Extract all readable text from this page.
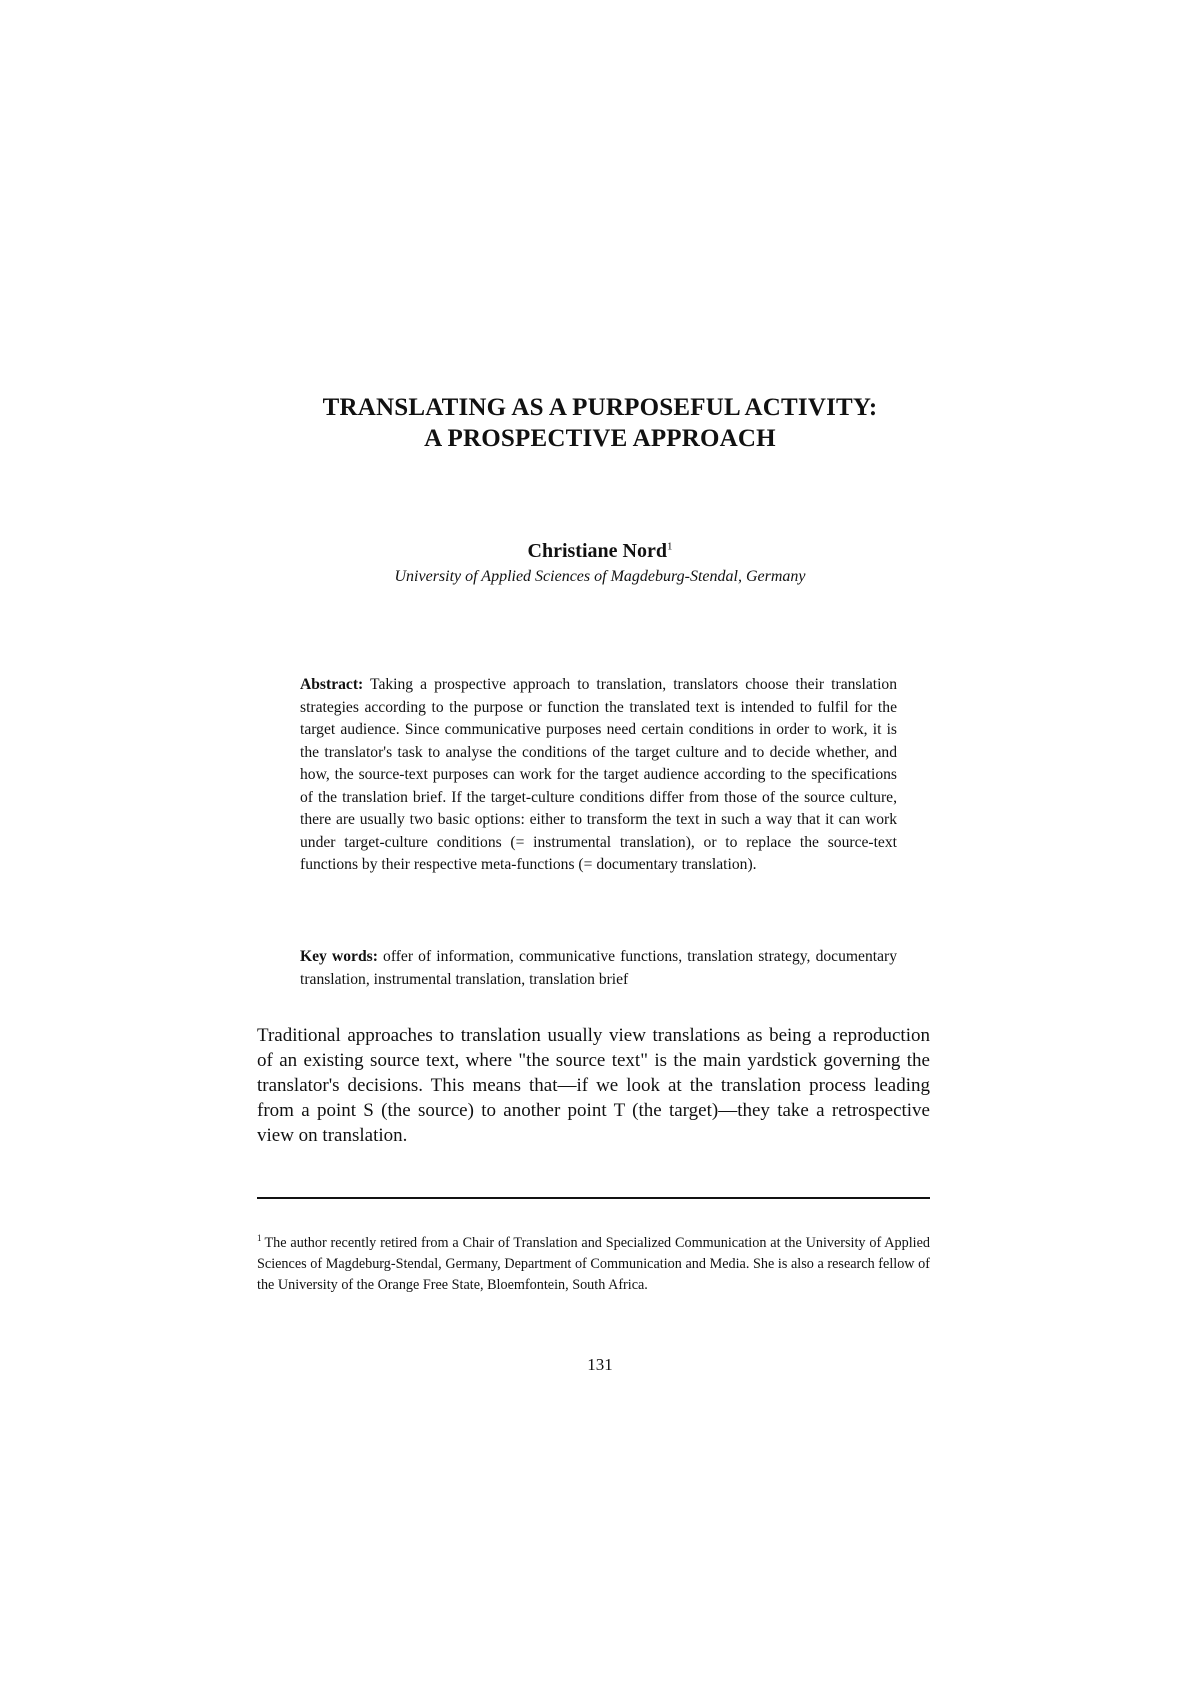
TRANSLATING AS A PURPOSEFUL ACTIVITY:
A PROSPECTIVE APPROACH
Christiane Nord$^1$
University of Applied Sciences of Magdeburg-Stendal, Germany
Abstract: Taking a prospective approach to translation, translators choose their translation strategies according to the purpose or function the translated text is intended to fulfil for the target audience. Since communicative purposes need certain conditions in order to work, it is the translator's task to analyse the conditions of the target culture and to decide whether, and how, the source-text purposes can work for the target audience according to the specifications of the translation brief. If the target-culture conditions differ from those of the source culture, there are usually two basic options: either to transform the text in such a way that it can work under target-culture conditions (= instrumental translation), or to replace the source-text functions by their respective meta-functions (= documentary translation).
Key words: offer of information, communicative functions, translation strategy, documentary translation, instrumental translation, translation brief
Traditional approaches to translation usually view translations as being a reproduction of an existing source text, where "the source text" is the main yardstick governing the translator's decisions. This means that—if we look at the translation process leading from a point S (the source) to another point T (the target)—they take a retrospective view on translation.
$^1$ The author recently retired from a Chair of Translation and Specialized Communication at the University of Applied Sciences of Magdeburg-Stendal, Germany, Department of Communication and Media. She is also a research fellow of the University of the Orange Free State, Bloemfontein, South Africa.
131
